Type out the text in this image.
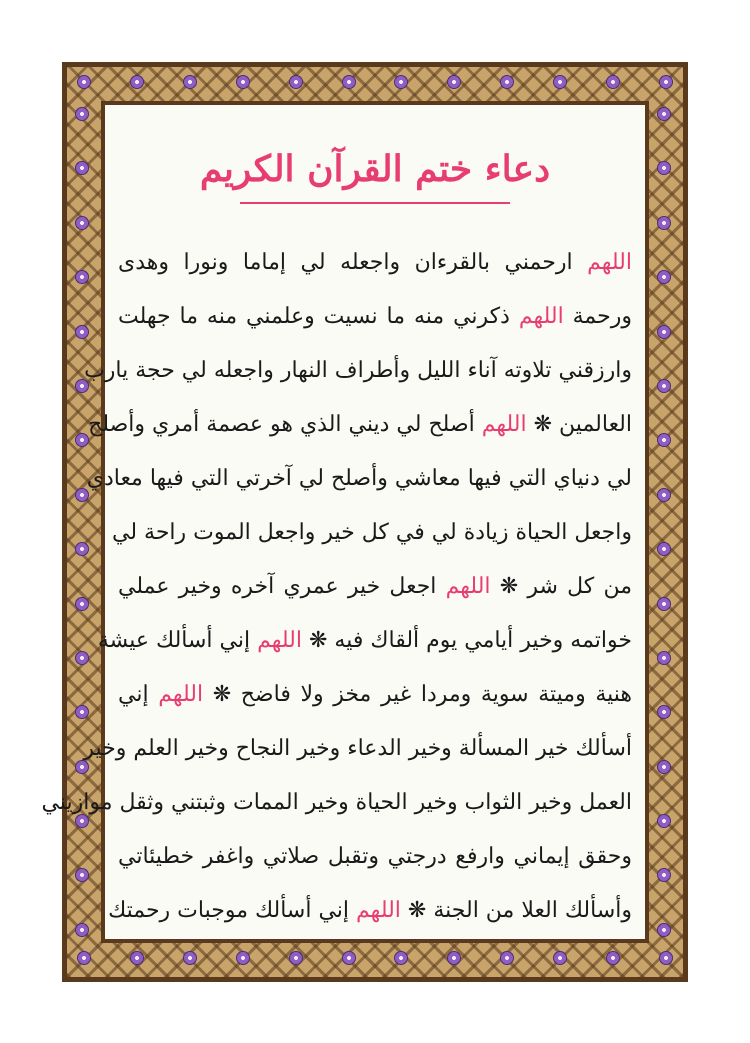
دعاء ختم القرآن الكريم
اللهم ارحمني بالقرءان واجعله لي إماما ونورا وهدى
ورحمة اللهم ذكرني منه ما نسيت وعلمني منه ما جهلت
وارزقني تلاوته آناء الليل وأطراف النهار واجعله لي حجة يارب
العالمين ❋ اللهم أصلح لي ديني الذي هو عصمة أمري وأصلح
لي دنياي التي فيها معاشي وأصلح لي آخرتي التي فيها معادي
واجعل الحياة زيادة لي في كل خير واجعل الموت راحة لي
من كل شر ❋ اللهم اجعل خير عمري آخره وخير عملي
خواتمه وخير أيامي يوم ألقاك فيه ❋ اللهم إني أسألك عيشة
هنية وميتة سوية ومردا غير مخز ولا فاضح ❋ اللهم إني
أسألك خير المسألة وخير الدعاء وخير النجاح وخير العلم وخير
العمل وخير الثواب وخير الحياة وخير الممات وثبتني وثقل موازيني
وحقق إيماني وارفع درجتي وتقبل صلاتي واغفر خطيئاتي
وأسألك العلا من الجنة ❋ اللهم إني أسألك موجبات رحمتك
